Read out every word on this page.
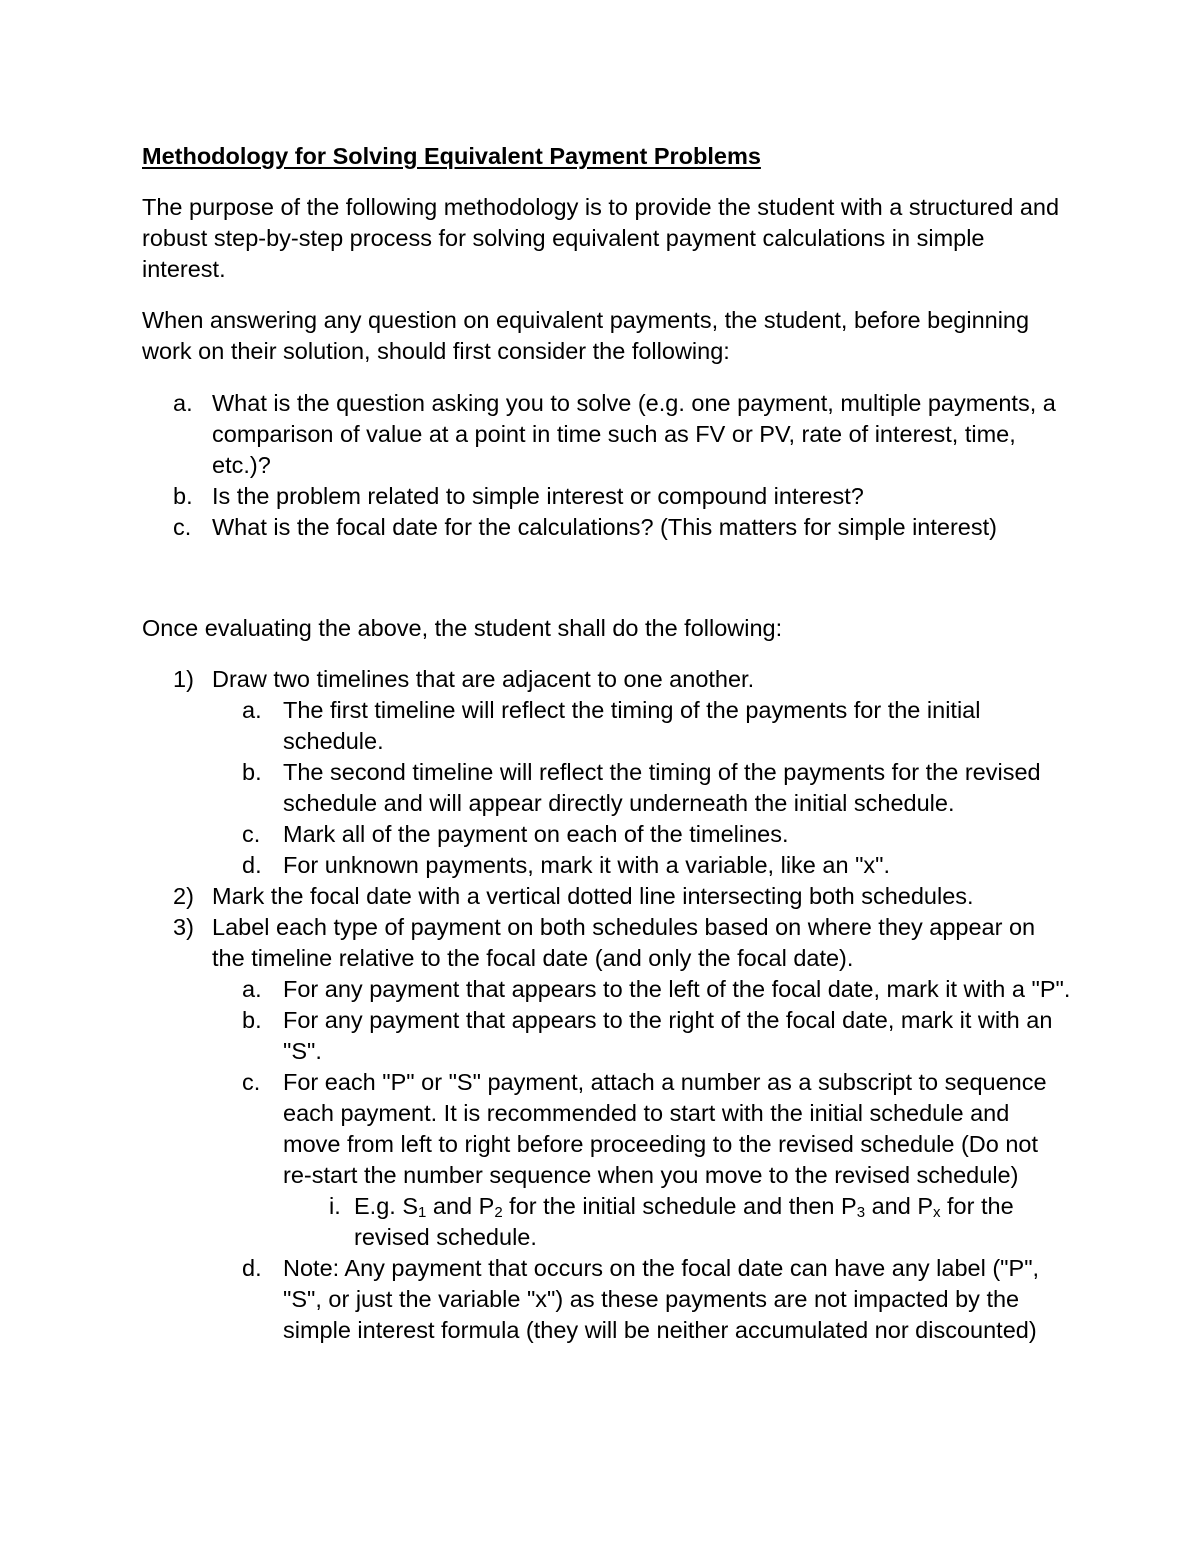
Methodology for Solving Equivalent Payment Problems

The purpose of the following methodology is to provide the student with a structured and robust step-by-step process for solving equivalent payment calculations in simple interest.

When answering any question on equivalent payments, the student, before beginning work on their solution, should first consider the following:

a. What is the question asking you to solve (e.g. one payment, multiple payments, a comparison of value at a point in time such as FV or PV, rate of interest, time, etc.)?
b. Is the problem related to simple interest or compound interest?
c. What is the focal date for the calculations? (This matters for simple interest)

Once evaluating the above, the student shall do the following:

1) Draw two timelines that are adjacent to one another.
a. The first timeline will reflect the timing of the payments for the initial schedule.
b. The second timeline will reflect the timing of the payments for the revised schedule and will appear directly underneath the initial schedule.
c. Mark all of the payment on each of the timelines.
d. For unknown payments, mark it with a variable, like an "x".
2) Mark the focal date with a vertical dotted line intersecting both schedules.
3) Label each type of payment on both schedules based on where they appear on the timeline relative to the focal date (and only the focal date).
a. For any payment that appears to the left of the focal date, mark it with a "P".
b. For any payment that appears to the right of the focal date, mark it with an "S".
c. For each "P" or "S" payment, attach a number as a subscript to sequence each payment. It is recommended to start with the initial schedule and move from left to right before proceeding to the revised schedule (Do not re-start the number sequence when you move to the revised schedule)
i. E.g. $S_1$ and $P_2$ for the initial schedule and then $P_3$ and $P_x$ for the revised schedule.
d. Note: Any payment that occurs on the focal date can have any label ("P", "S", or just the variable "x") as these payments are not impacted by the simple interest formula (they will be neither accumulated nor discounted)
